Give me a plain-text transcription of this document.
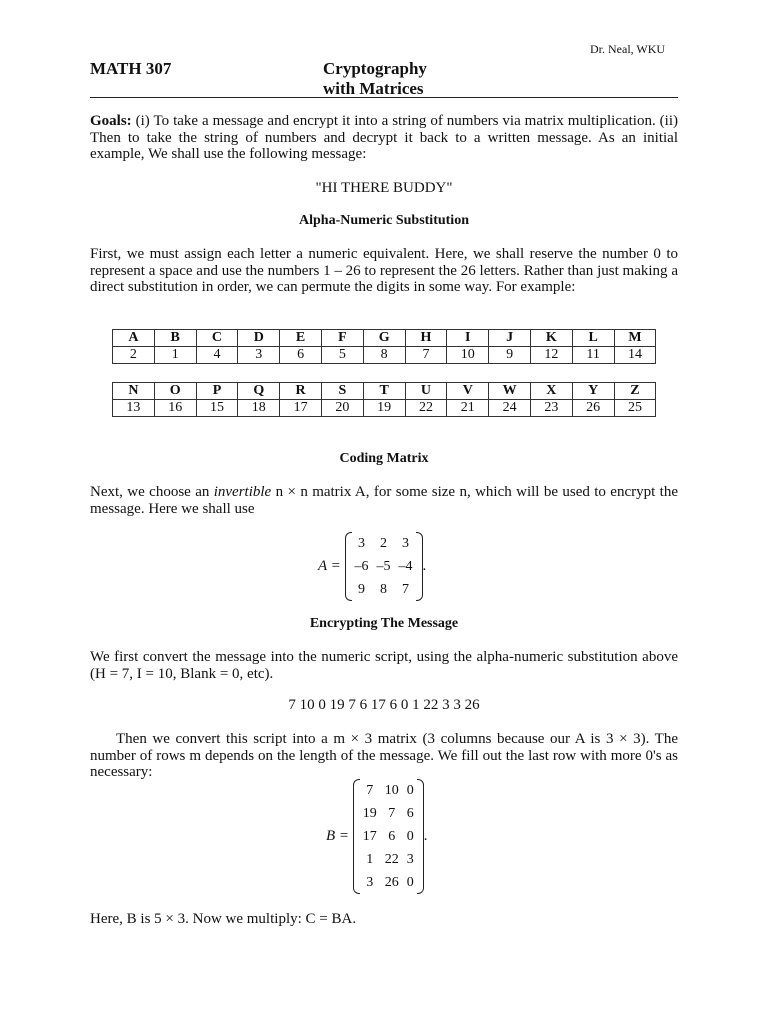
Dr. Neal, WKU
MATH 307	Cryptography
with Matrices
Goals: (i) To take a message and encrypt it into a string of numbers via matrix multiplication. (ii) Then to take the string of numbers and decrypt it back to a written message. As an initial example, We shall use the following message:
"HI THERE BUDDY"
Alpha-Numeric Substitution
First, we must assign each letter a numeric equivalent. Here, we shall reserve the number 0 to represent a space and use the numbers 1 – 26 to represent the 26 letters. Rather than just making a direct substitution in order, we can permute the digits in some way. For example:
A	B	C	D	E	F	G	H	I	J	K	L	M
2	1	4	3	6	5	8	7	10	9	12	11	14
N	O	P	Q	R	S	T	U	V	W	X	Y	Z
13	16	15	18	17	20	19	22	21	24	23	26	25
Coding Matrix
Next, we choose an invertible n × n matrix A, for some size n, which will be used to encrypt the message. Here we shall use
A =
3	2	3
–6	–5	–4
9	8	7
.
Encrypting The Message
We first convert the message into the numeric script, using the alpha-numeric substitution above (H = 7, I = 10, Blank = 0, etc).
7 10 0 19 7 6 17 6 0 1 22 3 3 26
Then we convert this script into a m × 3 matrix (3 columns because our A is 3 × 3). The number of rows m depends on the length of the message. We fill out the last row with more 0's as necessary:
B =
7	10	0
19	7	6
17	6	0
1	22	3
3	26	0
.
Here, B is 5 × 3. Now we multiply: C = BA.
